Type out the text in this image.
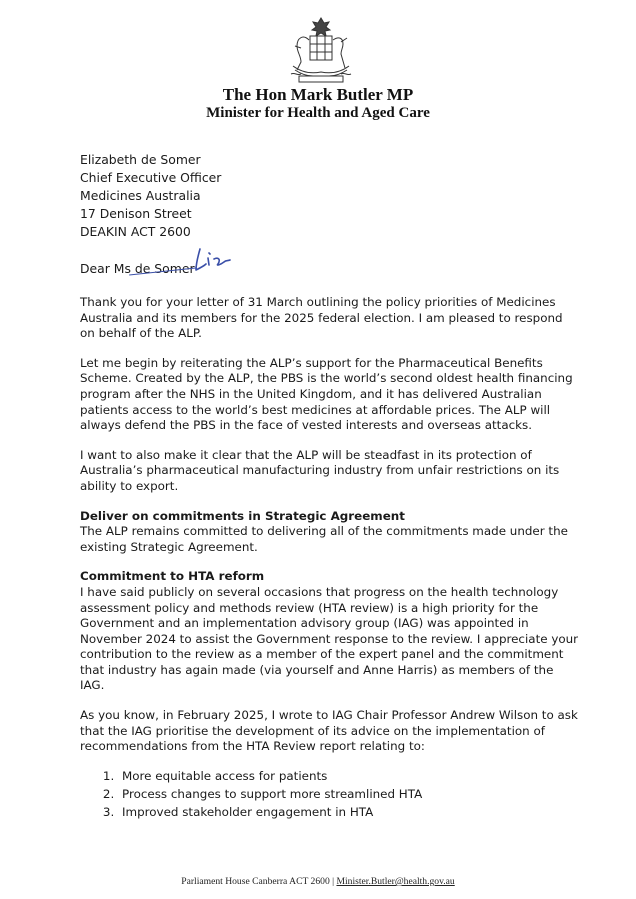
The Hon Mark Butler MP
Minister for Health and Aged Care
Elizabeth de Somer
Chief Executive Officer
Medicines Australia
17 Denison Street
DEAKIN ACT 2600
Dear Ms de Somer

Thank you for your letter of 31 March outlining the policy priorities of Medicines Australia and its members for the 2025 federal election. I am pleased to respond on behalf of the ALP.

Let me begin by reiterating the ALP’s support for the Pharmaceutical Benefits Scheme. Created by the ALP, the PBS is the world’s second oldest health financing program after the NHS in the United Kingdom, and it has delivered Australian patients access to the world’s best medicines at affordable prices. The ALP will always defend the PBS in the face of vested interests and overseas attacks.

I want to also make it clear that the ALP will be steadfast in its protection of Australia’s pharmaceutical manufacturing industry from unfair restrictions on its ability to export.

Deliver on commitments in Strategic Agreement

The ALP remains committed to delivering all of the commitments made under the existing Strategic Agreement.

Commitment to HTA reform

I have said publicly on several occasions that progress on the health technology assessment policy and methods review (HTA review) is a high priority for the Government and an implementation advisory group (IAG) was appointed in November 2024 to assist the Government response to the review. I appreciate your contribution to the review as a member of the expert panel and the commitment that industry has again made (via yourself and Anne Harris) as members of the IAG.

As you know, in February 2025, I wrote to IAG Chair Professor Andrew Wilson to ask that the IAG prioritise the development of its advice on the implementation of recommendations from the HTA Review report relating to:

1. More equitable access for patients
2. Process changes to support more streamlined HTA
3. Improved stakeholder engagement in HTA
Parliament House Canberra ACT 2600 | Minister.Butler@health.gov.au
